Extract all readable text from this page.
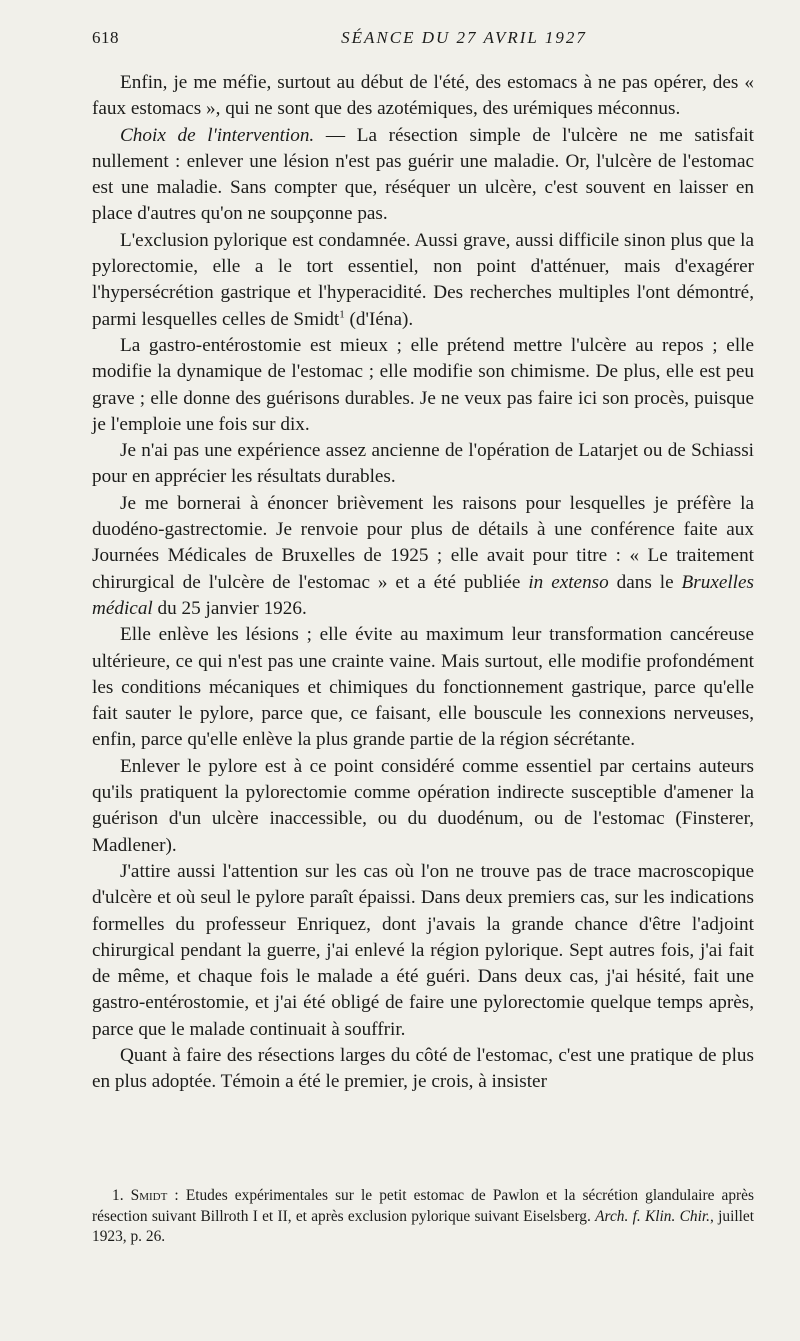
618	SÉANCE DU 27 AVRIL 1927

Enfin, je me méfie, surtout au début de l'été, des estomacs à ne pas opérer, des « faux estomacs », qui ne sont que des azotémiques, des urémiques méconnus.

Choix de l'intervention. — La résection simple de l'ulcère ne me satisfait nullement : enlever une lésion n'est pas guérir une maladie. Or, l'ulcère de l'estomac est une maladie. Sans compter que, réséquer un ulcère, c'est souvent en laisser en place d'autres qu'on ne soupçonne pas.

L'exclusion pylorique est condamnée. Aussi grave, aussi difficile sinon plus que la pylorectomie, elle a le tort essentiel, non point d'atténuer, mais d'exagérer l'hypersécrétion gastrique et l'hyperacidité. Des recherches multiples l'ont démontré, parmi lesquelles celles de Smidt$^1$ (d'Iéna).

La gastro-entérostomie est mieux ; elle prétend mettre l'ulcère au repos ; elle modifie la dynamique de l'estomac ; elle modifie son chimisme. De plus, elle est peu grave ; elle donne des guérisons durables. Je ne veux pas faire ici son procès, puisque je l'emploie une fois sur dix.

Je n'ai pas une expérience assez ancienne de l'opération de Latarjet ou de Schiassi pour en apprécier les résultats durables.

Je me bornerai à énoncer brièvement les raisons pour lesquelles je préfère la duodéno-gastrectomie. Je renvoie pour plus de détails à une conférence faite aux Journées Médicales de Bruxelles de 1925 ; elle avait pour titre : « Le traitement chirurgical de l'ulcère de l'estomac » et a été publiée in extenso dans le Bruxelles médical du 25 janvier 1926.

Elle enlève les lésions ; elle évite au maximum leur transformation cancéreuse ultérieure, ce qui n'est pas une crainte vaine. Mais surtout, elle modifie profondément les conditions mécaniques et chimiques du fonctionnement gastrique, parce qu'elle fait sauter le pylore, parce que, ce faisant, elle bouscule les connexions nerveuses, enfin, parce qu'elle enlève la plus grande partie de la région sécrétante.

Enlever le pylore est à ce point considéré comme essentiel par certains auteurs qu'ils pratiquent la pylorectomie comme opération indirecte susceptible d'amener la guérison d'un ulcère inaccessible, ou du duodénum, ou de l'estomac (Finsterer, Madlener).

J'attire aussi l'attention sur les cas où l'on ne trouve pas de trace macroscopique d'ulcère et où seul le pylore paraît épaissi. Dans deux premiers cas, sur les indications formelles du professeur Enriquez, dont j'avais la grande chance d'être l'adjoint chirurgical pendant la guerre, j'ai enlevé la région pylorique. Sept autres fois, j'ai fait de même, et chaque fois le malade a été guéri. Dans deux cas, j'ai hésité, fait une gastro-entérostomie, et j'ai été obligé de faire une pylorectomie quelque temps après, parce que le malade continuait à souffrir.

Quant à faire des résections larges du côté de l'estomac, c'est une pratique de plus en plus adoptée. Témoin a été le premier, je crois, à insister

1. Smidt : Etudes expérimentales sur le petit estomac de Pawlon et la sécrétion glandulaire après résection suivant Billroth I et II, et après exclusion pylorique suivant Eiselsberg. Arch. f. Klin. Chir., juillet 1923, p. 26.
